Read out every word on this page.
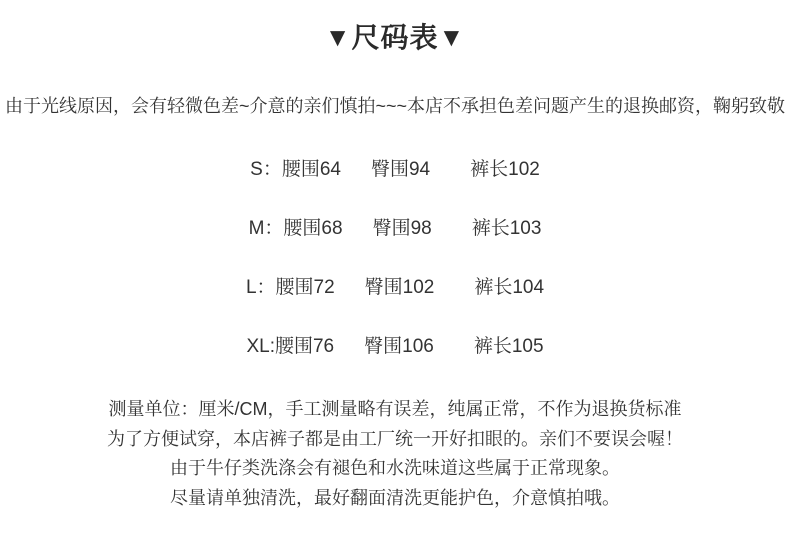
▼尺码表▼
由于光线原因，会有轻微色差~介意的亲们慎拍~~~本店不承担色差问题产生的退换邮资，鞠躬致敬
S： 腰围64 臀围94 裤长102
M： 腰围68 臀围98 裤长103
L： 腰围72 臀围102 裤长104
XL: 腰围76 臀围106 裤长105
测量单位：厘米/CM，手工测量略有误差，纯属正常，不作为退换货标准
为了方便试穿，本店裤子都是由工厂统一开好扣眼的。亲们不要误会喔！
由于牛仔类洗涤会有褪色和水洗味道这些属于正常现象。
尽量请单独清洗，最好翻面清洗更能护色，介意慎拍哦。
